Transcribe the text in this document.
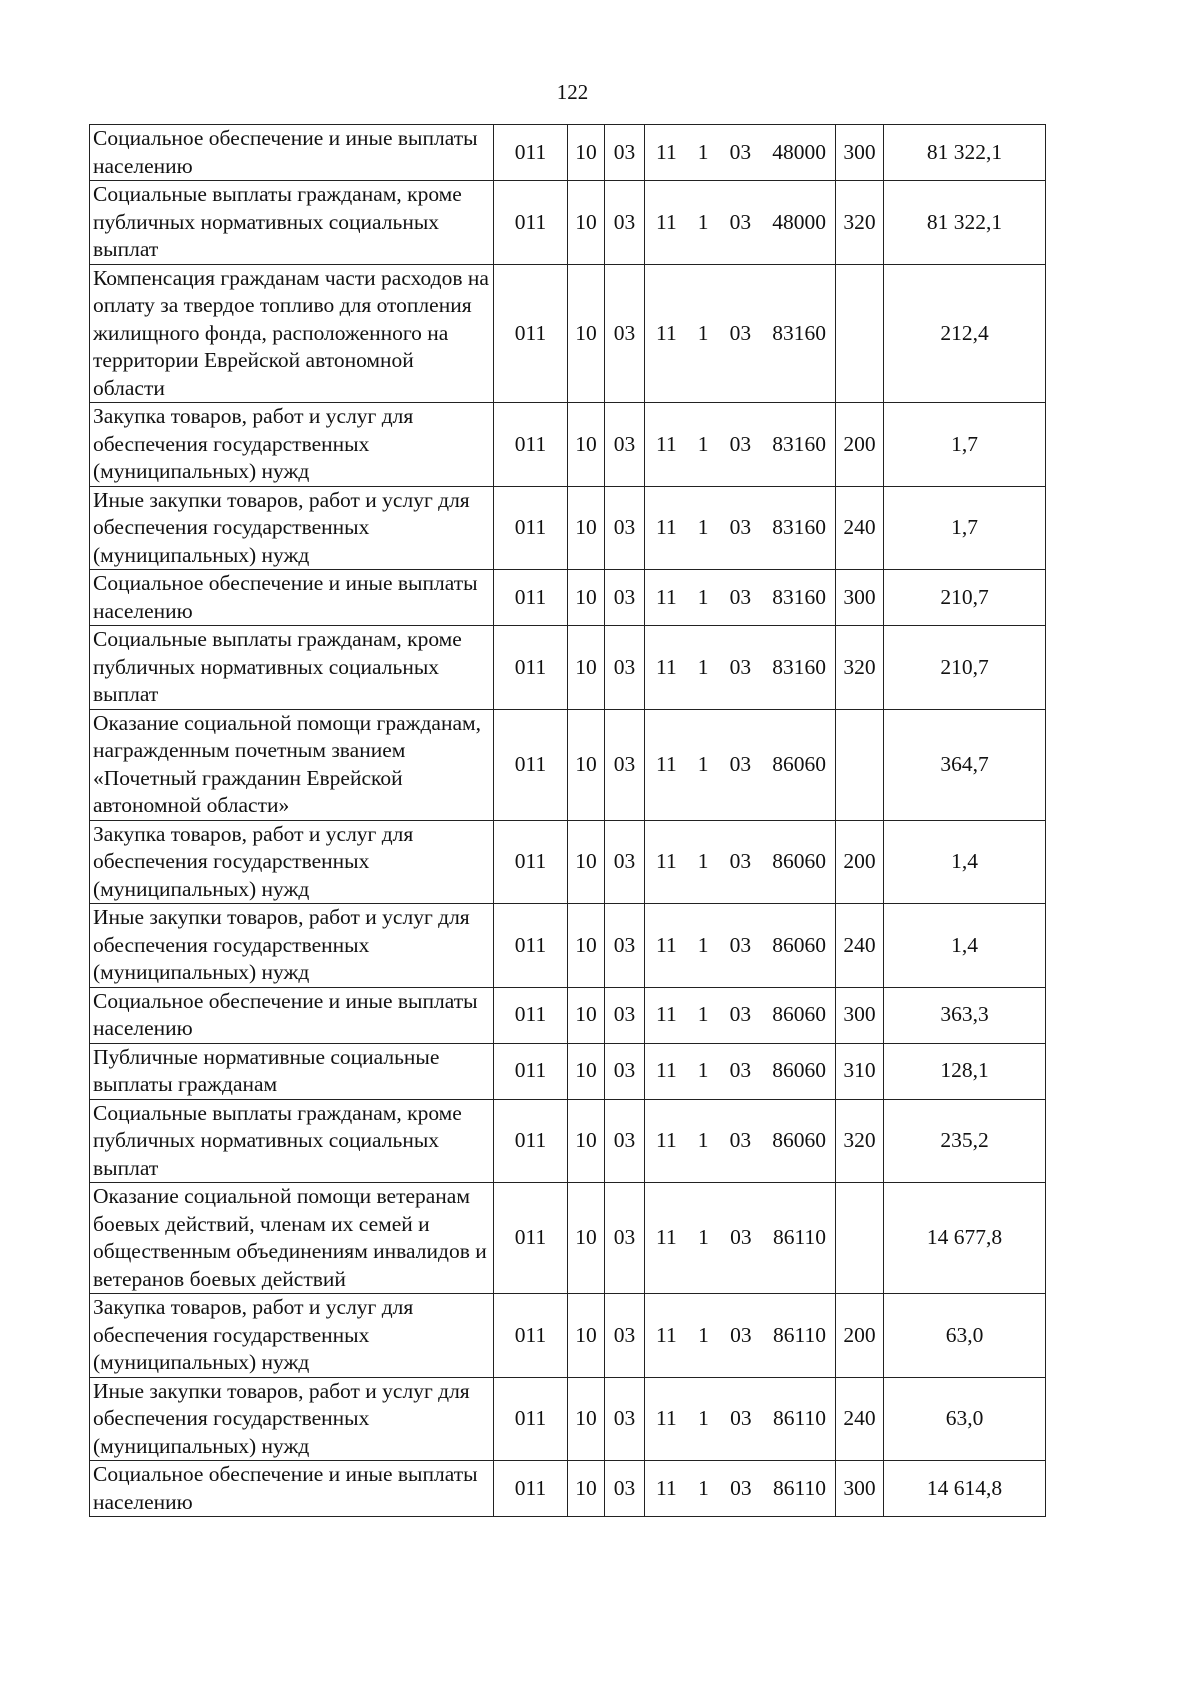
122
Социальное обеспечение и иные выплаты населению	011	10	03	11 1 03 48000	300	81 322,1
Социальные выплаты гражданам, кроме публичных нормативных социальных выплат	011	10	03	11 1 03 48000	320	81 322,1
Компенсация гражданам части расходов на оплату за твердое топливо для отопления жилищного фонда, расположенного на территории Еврейской автономной области	011	10	03	11 1 03 83160		212,4
Закупка товаров, работ и услуг для обеспечения государственных (муниципальных) нужд	011	10	03	11 1 03 83160	200	1,7
Иные закупки товаров, работ и услуг для обеспечения государственных (муниципальных) нужд	011	10	03	11 1 03 83160	240	1,7
Социальное обеспечение и иные выплаты населению	011	10	03	11 1 03 83160	300	210,7
Социальные выплаты гражданам, кроме публичных нормативных социальных выплат	011	10	03	11 1 03 83160	320	210,7
Оказание социальной помощи гражданам, награжденным почетным званием «Почетный гражданин Еврейской автономной области»	011	10	03	11 1 03 86060		364,7
Закупка товаров, работ и услуг для обеспечения государственных (муниципальных) нужд	011	10	03	11 1 03 86060	200	1,4
Иные закупки товаров, работ и услуг для обеспечения государственных (муниципальных) нужд	011	10	03	11 1 03 86060	240	1,4
Социальное обеспечение и иные выплаты населению	011	10	03	11 1 03 86060	300	363,3
Публичные нормативные социальные выплаты гражданам	011	10	03	11 1 03 86060	310	128,1
Социальные выплаты гражданам, кроме публичных нормативных социальных выплат	011	10	03	11 1 03 86060	320	235,2
Оказание социальной помощи ветеранам боевых действий, членам их семей и общественным объединениям инвалидов и ветеранов боевых действий	011	10	03	11 1 03 86110		14 677,8
Закупка товаров, работ и услуг для обеспечения государственных (муниципальных) нужд	011	10	03	11 1 03 86110	200	63,0
Иные закупки товаров, работ и услуг для обеспечения государственных (муниципальных) нужд	011	10	03	11 1 03 86110	240	63,0
Социальное обеспечение и иные выплаты населению	011	10	03	11 1 03 86110	300	14 614,8
